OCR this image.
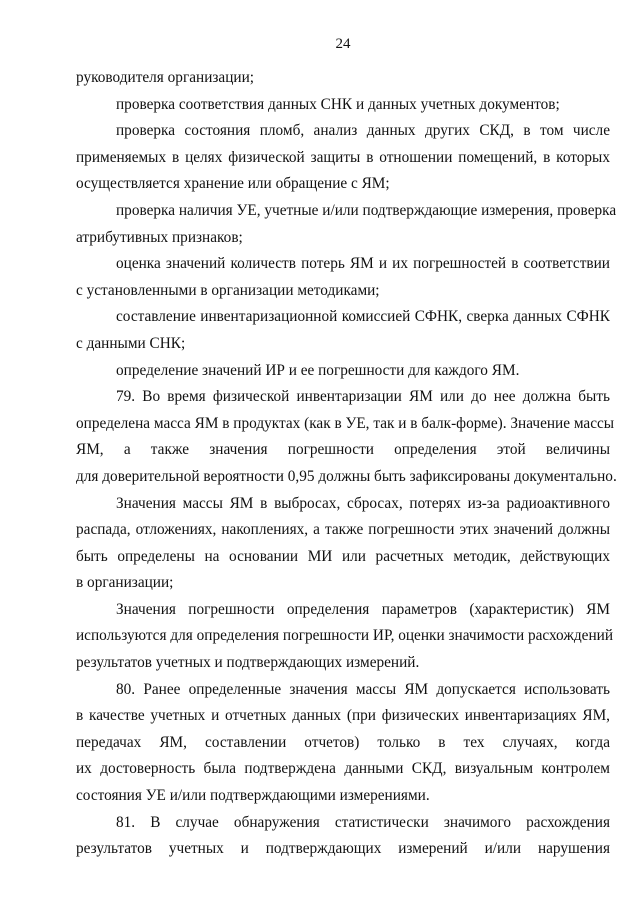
24
руководителя организации;
проверка соответствия данных СНК и данных учетных документов;
проверка состояния пломб, анализ данных других СКД, в том числе
применяемых в целях физической защиты в отношении помещений, в которых
осуществляется хранение или обращение с ЯМ;
проверка наличия УЕ, учетные и/или подтверждающие измерения, проверка
атрибутивных признаков;
оценка значений количеств потерь ЯМ и их погрешностей в соответствии
с установленными в организации методиками;
составление инвентаризационной комиссией СФНК, сверка данных СФНК
с данными СНК;
определение значений ИР и ее погрешности для каждого ЯМ.
79. Во время физической инвентаризации ЯМ или до нее должна быть
определена масса ЯМ в продуктах (как в УЕ, так и в балк-форме). Значение массы
ЯМ, а также значения погрешности определения этой величины
для доверительной вероятности 0,95 должны быть зафиксированы документально.
Значения массы ЯМ в выбросах, сбросах, потерях из-за радиоактивного
распада, отложениях, накоплениях, а также погрешности этих значений должны
быть определены на основании МИ или расчетных методик, действующих
в организации;
Значения погрешности определения параметров (характеристик) ЯМ
используются для определения погрешности ИР, оценки значимости расхождений
результатов учетных и подтверждающих измерений.
80. Ранее определенные значения массы ЯМ допускается использовать
в качестве учетных и отчетных данных (при физических инвентаризациях ЯМ,
передачах ЯМ, составлении отчетов) только в тех случаях, когда
их достоверность была подтверждена данными СКД, визуальным контролем
состояния УЕ и/или подтверждающими измерениями.
81. В случае обнаружения статистически значимого расхождения
результатов учетных и подтверждающих измерений и/или нарушения
